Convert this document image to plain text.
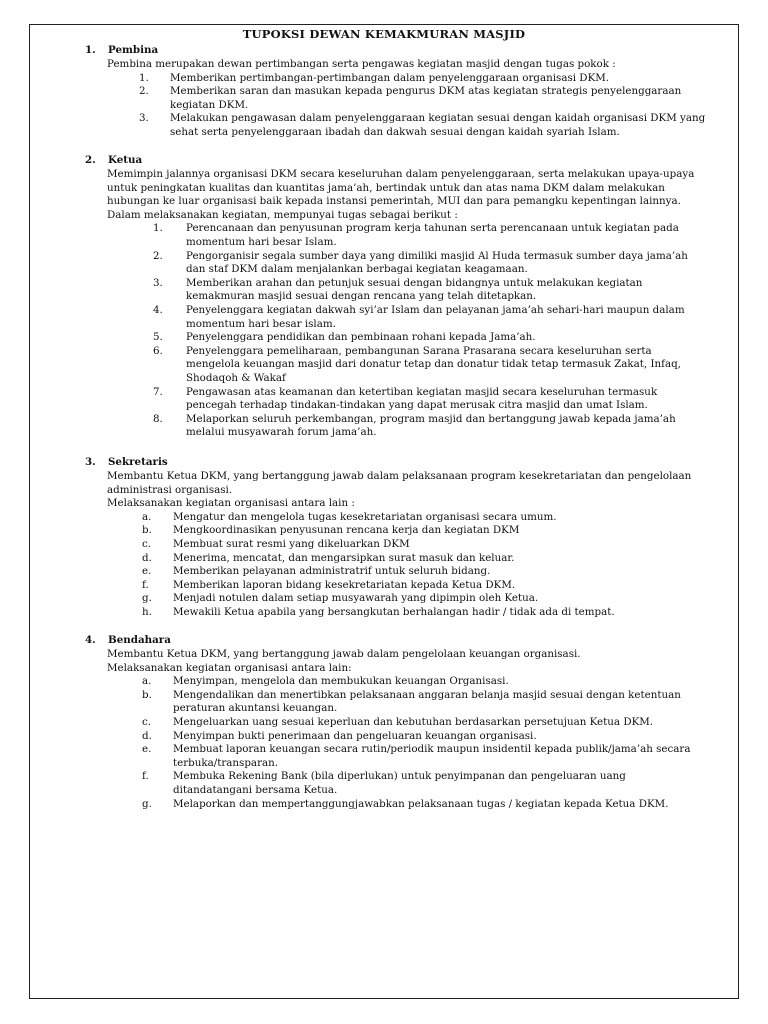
TUPOKSI DEWAN KEMAKMURAN MASJID
1. Pembina
Pembina merupakan dewan pertimbangan serta pengawas kegiatan masjid dengan tugas pokok :
1. Memberikan pertimbangan-pertimbangan dalam penyelenggaraan organisasi DKM.
2. Memberikan saran dan masukan kepada pengurus DKM atas kegiatan strategis penyelenggaraan kegiatan DKM.
3. Melakukan pengawasan dalam penyelenggaraan kegiatan sesuai dengan kaidah organisasi DKM yang sehat serta penyelenggaraan ibadah dan dakwah sesuai dengan kaidah syariah Islam.
2. Ketua
Memimpin jalannya organisasi DKM secara keseluruhan dalam penyelenggaraan, serta melakukan upaya-upaya untuk peningkatan kualitas dan kuantitas jama’ah, bertindak untuk dan atas nama DKM dalam melakukan hubungan ke luar organisasi baik kepada instansi pemerintah, MUI dan para pemangku kepentingan lainnya.
Dalam melaksanakan kegiatan, mempunyai tugas sebagai berikut :
1. Perencanaan dan penyusunan program kerja tahunan serta perencanaan untuk kegiatan pada momentum hari besar Islam.
2. Pengorganisir segala sumber daya yang dimiliki masjid Al Huda termasuk sumber daya jama’ah dan staf DKM dalam menjalankan berbagai kegiatan keagamaan.
3. Memberikan arahan dan petunjuk sesuai dengan bidangnya untuk melakukan kegiatan kemakmuran masjid sesuai dengan rencana yang telah ditetapkan.
4. Penyelenggara kegiatan dakwah syi’ar Islam dan pelayanan jama’ah sehari-hari maupun dalam momentum hari besar islam.
5. Penyelenggara pendidikan dan pembinaan rohani kepada Jama’ah.
6. Penyelenggara pemeliharaan, pembangunan Sarana Prasarana secara keseluruhan serta mengelola keuangan masjid dari donatur tetap dan donatur tidak tetap termasuk Zakat, Infaq, Shodaqoh & Wakaf
7. Pengawasan atas keamanan dan ketertiban kegiatan masjid secara keseluruhan termasuk pencegah terhadap tindakan-tindakan yang dapat merusak citra masjid dan umat Islam.
8. Melaporkan seluruh perkembangan, program masjid dan bertanggung jawab kepada jama’ah melalui musyawarah forum jama’ah.
3. Sekretaris
Membantu Ketua DKM, yang bertanggung jawab dalam pelaksanaan program kesekretariatan dan pengelolaan administrasi organisasi.
Melaksanakan kegiatan organisasi antara lain :
a. Mengatur dan mengelola tugas kesekretariatan organisasi secara umum.
b. Mengkoordinasikan penyusunan rencana kerja dan kegiatan DKM
c. Membuat surat resmi yang dikeluarkan DKM
d. Menerima, mencatat, dan mengarsipkan surat masuk dan keluar.
e. Memberikan pelayanan administratrif untuk seluruh bidang.
f. Memberikan laporan bidang kesekretariatan kepada Ketua DKM.
g. Menjadi notulen dalam setiap musyawarah yang dipimpin oleh Ketua.
h. Mewakili Ketua apabila yang bersangkutan berhalangan hadir / tidak ada di tempat.
4. Bendahara
Membantu Ketua DKM, yang bertanggung jawab dalam pengelolaan keuangan organisasi.
Melaksanakan kegiatan organisasi antara lain:
a. Menyimpan, mengelola dan membukukan keuangan Organisasi.
b. Mengendalikan dan menertibkan pelaksanaan anggaran belanja masjid sesuai dengan ketentuan peraturan akuntansi keuangan.
c. Mengeluarkan uang sesuai keperluan dan kebutuhan berdasarkan persetujuan Ketua DKM.
d. Menyimpan bukti penerimaan dan pengeluaran keuangan organisasi.
e. Membuat laporan keuangan secara rutin/periodik maupun insidentil kepada publik/jama’ah secara terbuka/transparan.
f. Membuka Rekening Bank (bila diperlukan) untuk penyimpanan dan pengeluaran uang ditandatangani bersama Ketua.
g. Melaporkan dan mempertanggungjawabkan pelaksanaan tugas / kegiatan kepada Ketua DKM.
